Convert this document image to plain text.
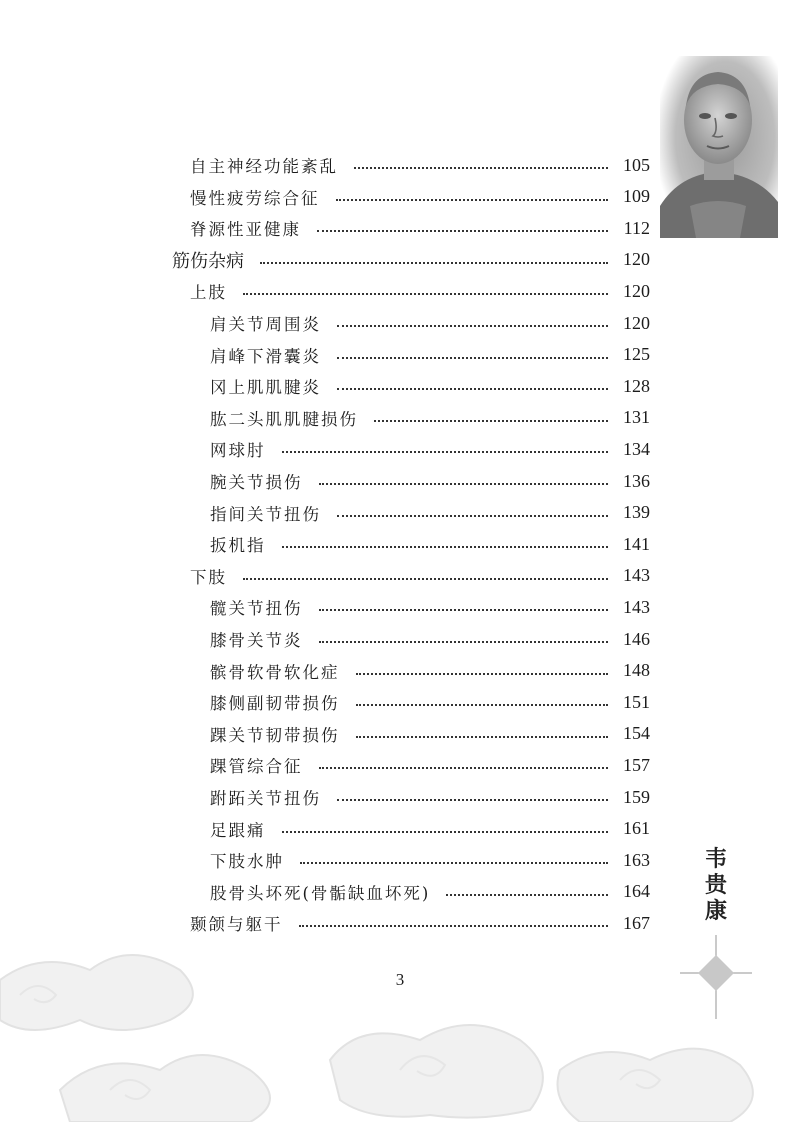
自主神经功能紊乱	105
慢性疲劳综合征	109
脊源性亚健康	112
筋伤杂病	120
上肢	120
肩关节周围炎	120
肩峰下滑囊炎	125
冈上肌肌腱炎	128
肱二头肌肌腱损伤	131
网球肘	134
腕关节损伤	136
指间关节扭伤	139
扳机指	141
下肢	143
髋关节扭伤	143
膝骨关节炎	146
髌骨软骨软化症	148
膝侧副韧带损伤	151
踝关节韧带损伤	154
踝管综合征	157
跗跖关节扭伤	159
足跟痛	161
下肢水肿	163
股骨头坏死(骨骺缺血坏死)	164
颞颌与躯干	167
韦
贵
康
3
